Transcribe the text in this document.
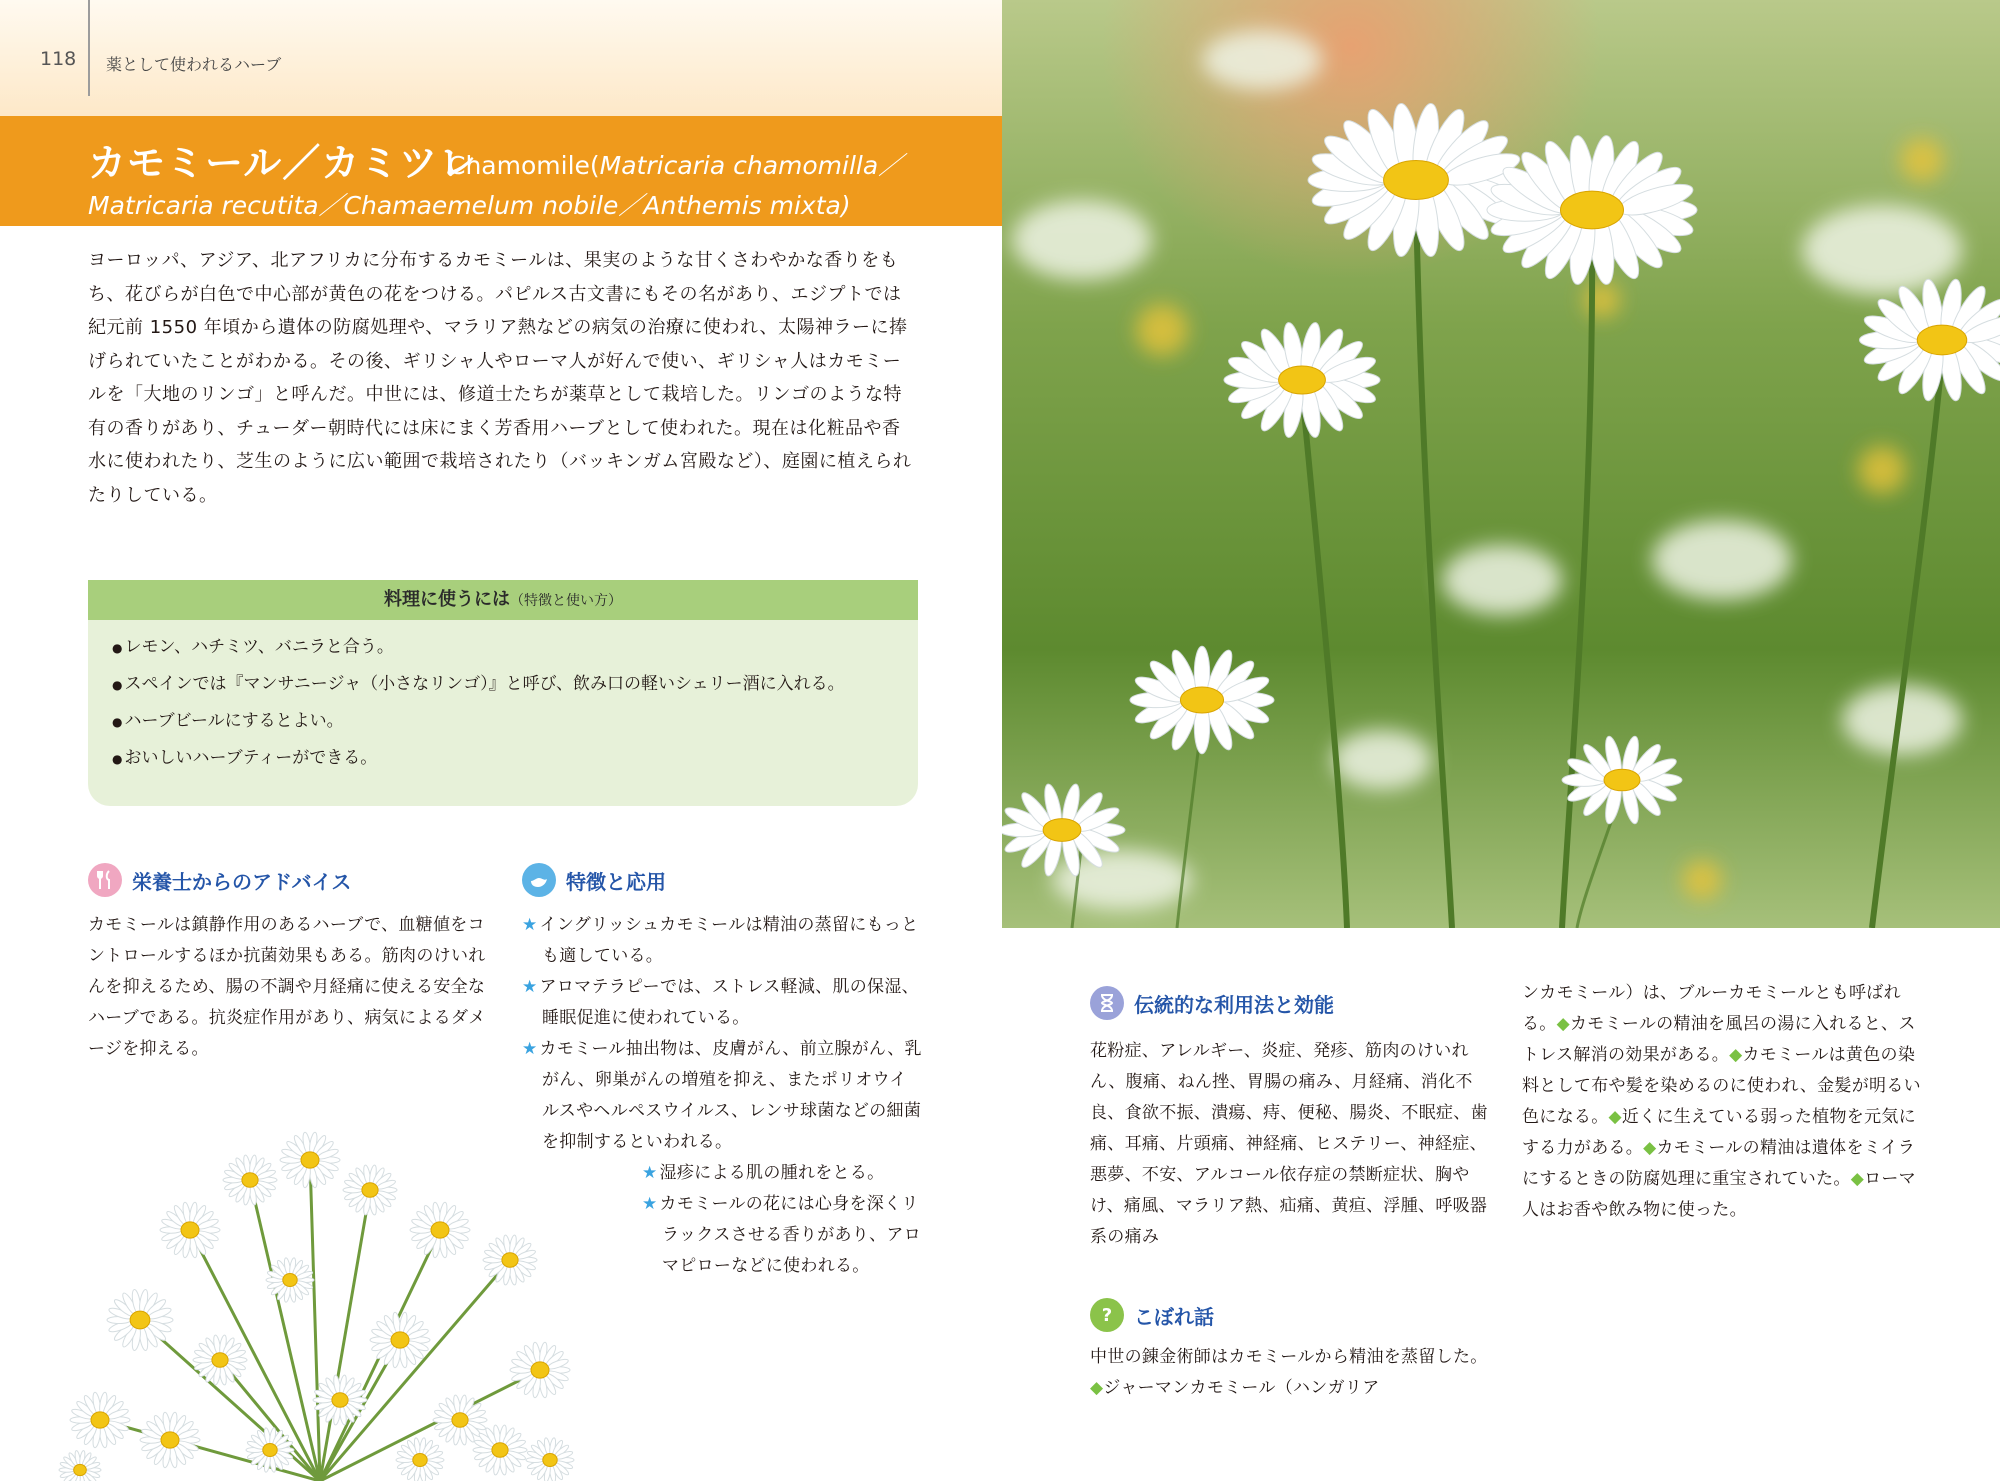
118 薬として使われるハーブ
カモミール／カミツレ
Chamomile(Matricaria chamomilla／
Matricaria recutita／Chamaemelum nobile／Anthemis mixta)

ヨーロッパ、アジア、北アフリカに分布するカモミールは、果実のような甘くさわやかな香りをもち、花びらが白色で中心部が黄色の花をつける。パピルス古文書にもその名があり、エジプトでは紀元前 1550 年頃から遺体の防腐処理や、マラリア熱などの病気の治療に使われ、太陽神ラーに捧げられていたことがわかる。その後、ギリシャ人やローマ人が好んで使い、ギリシャ人はカモミールを「大地のリンゴ」と呼んだ。中世には、修道士たちが薬草として栽培した。リンゴのような特有の香りがあり、チューダー朝時代には床にまく芳香用ハーブとして使われた。現在は化粧品や香水に使われたり、芝生のように広い範囲で栽培されたり（バッキンガム宮殿など）、庭園に植えられたりしている。

料理に使うには（特徴と使い方）
● レモン、ハチミツ、バニラと合う。
● スペインでは『マンサニージャ（小さなリンゴ）』と呼び、飲み口の軽いシェリー酒に入れる。
● ハーブビールにするとよい。
● おいしいハーブティーができる。
栄養士からのアドバイス

カモミールは鎮静作用のあるハーブで、血糖値をコントロールするほか抗菌効果もある。筋肉のけいれんを抑えるため、腸の不調や月経痛に使える安全なハーブである。抗炎症作用があり、病気によるダメージを抑える。

特徴と応用
★ イングリッシュカモミールは精油の蒸留にもっとも適している。
★ アロマテラピーでは、ストレス軽減、肌の保湿、睡眠促進に使われている。
★ カモミール抽出物は、皮膚がん、前立腺がん、乳がん、卵巣がんの増殖を抑え、またポリオウイルスやヘルペスウイルス、レンサ球菌などの細菌を抑制するといわれる。
★ 湿疹による肌の腫れをとる。
★ カモミールの花には心身を深くリラックスさせる香りがあり、アロマピローなどに使われる。
伝統的な利用法と効能

花粉症、アレルギー、炎症、発疹、筋肉のけいれん、腹痛、ねん挫、胃腸の痛み、月経痛、消化不良、食欲不振、潰瘍、痔、便秘、腸炎、不眠症、歯痛、耳痛、片頭痛、神経痛、ヒステリー、神経症、悪夢、不安、アルコール依存症の禁断症状、胸やけ、痛風、マラリア熱、疝痛、黄疸、浮腫、呼吸器系の痛み

?	こぼれ話

中世の錬金術師はカモミールから精油を蒸留した。◆ジャーマンカモミール（ハンガリア

ンカモミール）は、ブルーカモミールとも呼ばれる。◆カモミールの精油を風呂の湯に入れると、ストレス解消の効果がある。◆カモミールは黄色の染料として布や髪を染めるのに使われ、金髪が明るい色になる。◆近くに生えている弱った植物を元気にする力がある。◆カモミールの精油は遺体をミイラにするときの防腐処理に重宝されていた。◆ローマ人はお香や飲み物に使った。
